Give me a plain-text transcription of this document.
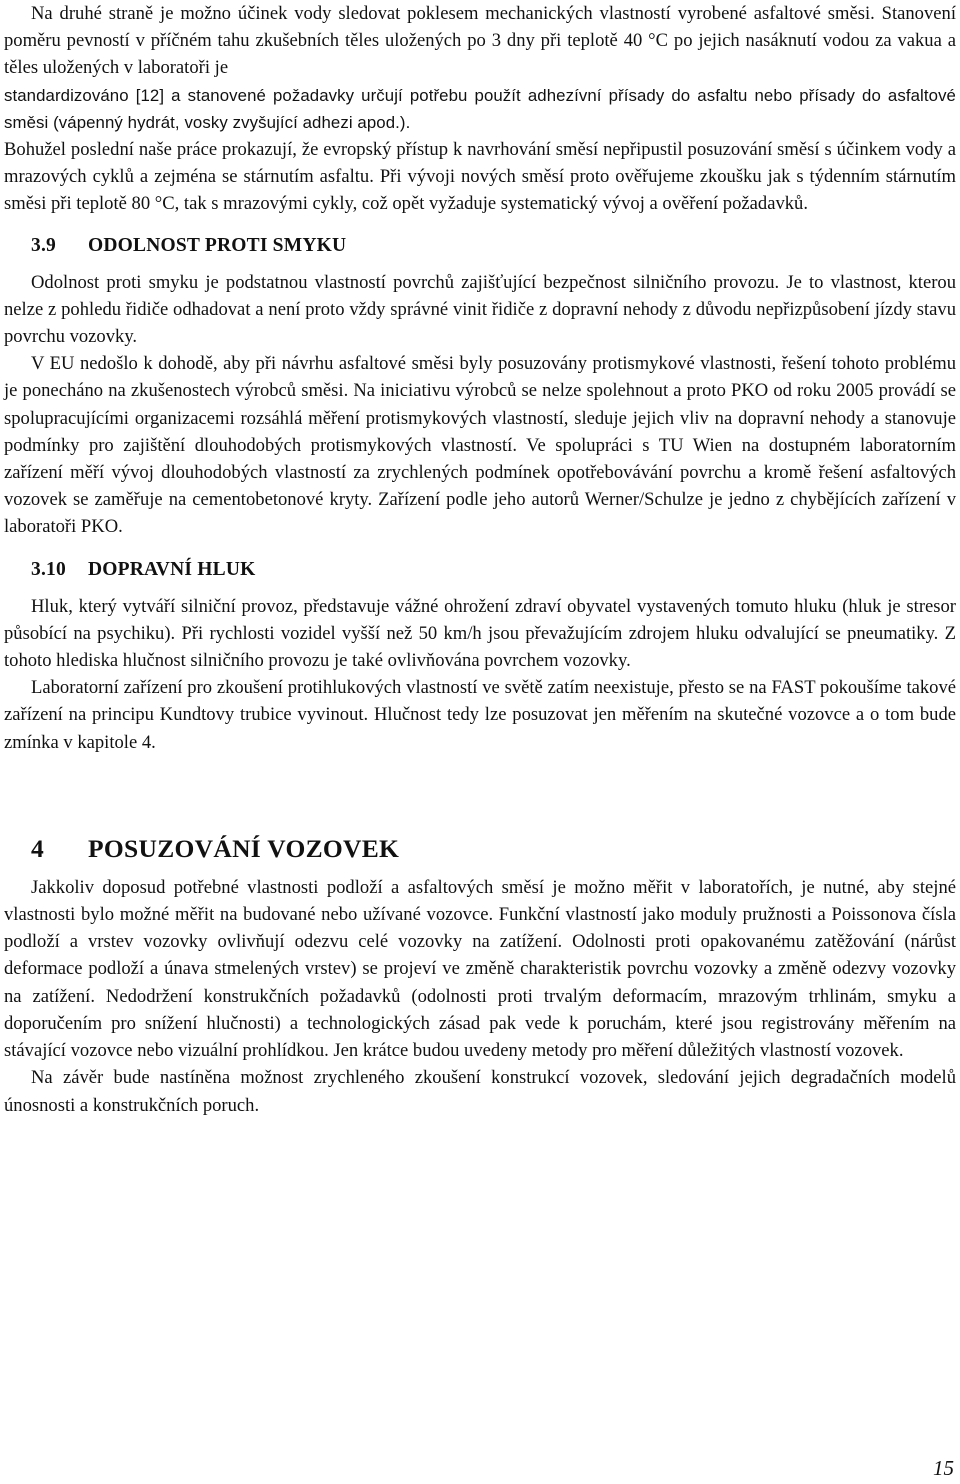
Na druhé straně je možno účinek vody sledovat poklesem mechanických vlastností vyrobené asfaltové směsi. Stanovení poměru pevností v příčném tahu zkušebních těles uložených po 3 dny při teplotě 40 °C po jejich nasáknutí vodou za vakua a těles uložených v laboratoři je

standardizováno [12] a stanovené požadavky určují potřebu použít adhezívní přísady do asfaltu nebo přísady do asfaltové směsi (vápenný hydrát, vosky zvyšující adhezi apod.).

Bohužel poslední naše práce prokazují, že evropský přístup k navrhování směsí nepřipustil posuzování směsí s účinkem vody a mrazových cyklů a zejména se stárnutím asfaltu. Při vývoji nových směsí proto ověřujeme zkoušku jak s týdenním stárnutím směsi při teplotě 80 °C, tak s mrazovými cykly, což opět vyžaduje systematický vývoj a ověření požadavků.

3.9 ODOLNOST PROTI SMYKU

Odolnost proti smyku je podstatnou vlastností povrchů zajišťující bezpečnost silničního provozu. Je to vlastnost, kterou nelze z pohledu řidiče odhadovat a není proto vždy správné vinit řidiče z dopravní nehody z důvodu nepřizpůsobení jízdy stavu povrchu vozovky.

V EU nedošlo k dohodě, aby při návrhu asfaltové směsi byly posuzovány protismykové vlastnosti, řešení tohoto problému je ponecháno na zkušenostech výrobců směsi. Na iniciativu výrobců se nelze spolehnout a proto PKO od roku 2005 provádí se spolupracujícími organizacemi rozsáhlá měření protismykových vlastností, sleduje jejich vliv na dopravní nehody a stanovuje podmínky pro zajištění dlouhodobých protismykových vlastností. Ve spolupráci s TU Wien na dostupném laboratorním zařízení měří vývoj dlouhodobých vlastností za zrychlených podmínek opotřebovávání povrchu a kromě řešení asfaltových vozovek se zaměřuje na cementobetonové kryty. Zařízení podle jeho autorů Werner/Schulze je jedno z chybějících zařízení v laboratoři PKO.

3.10 DOPRAVNÍ HLUK

Hluk, který vytváří silniční provoz, představuje vážné ohrožení zdraví obyvatel vystavených tomuto hluku (hluk je stresor působící na psychiku). Při rychlosti vozidel vyšší než 50 km/h jsou převažujícím zdrojem hluku odvalující se pneumatiky. Z tohoto hlediska hlučnost silničního provozu je také ovlivňována povrchem vozovky.

Laboratorní zařízení pro zkoušení protihlukových vlastností ve světě zatím neexistuje, přesto se na FAST pokoušíme takové zařízení na principu Kundtovy trubice vyvinout. Hlučnost tedy lze posuzovat jen měřením na skutečné vozovce a o tom bude zmínka v kapitole 4.

4 POSUZOVÁNÍ VOZOVEK

Jakkoliv doposud potřebné vlastnosti podloží a asfaltových směsí je možno měřit v laboratořích, je nutné, aby stejné vlastnosti bylo možné měřit na budované nebo užívané vozovce. Funkční vlastností jako moduly pružnosti a Poissonova čísla podloží a vrstev vozovky ovlivňují odezvu celé vozovky na zatížení. Odolnosti proti opakovanému zatěžování (nárůst deformace podloží a únava stmelených vrstev) se projeví ve změně charakteristik povrchu vozovky a změně odezvy vozovky na zatížení. Nedodržení konstrukčních požadavků (odolnosti proti trvalým deformacím, mrazovým trhlinám, smyku a doporučením pro snížení hlučnosti) a technologických zásad pak vede k poruchám, které jsou registrovány měřením na stávající vozovce nebo vizuální prohlídkou. Jen krátce budou uvedeny metody pro měření důležitých vlastností vozovek.

Na závěr bude nastíněna možnost zrychleného zkoušení konstrukcí vozovek, sledování jejich degradačních modelů únosnosti a konstrukčních poruch.

15
